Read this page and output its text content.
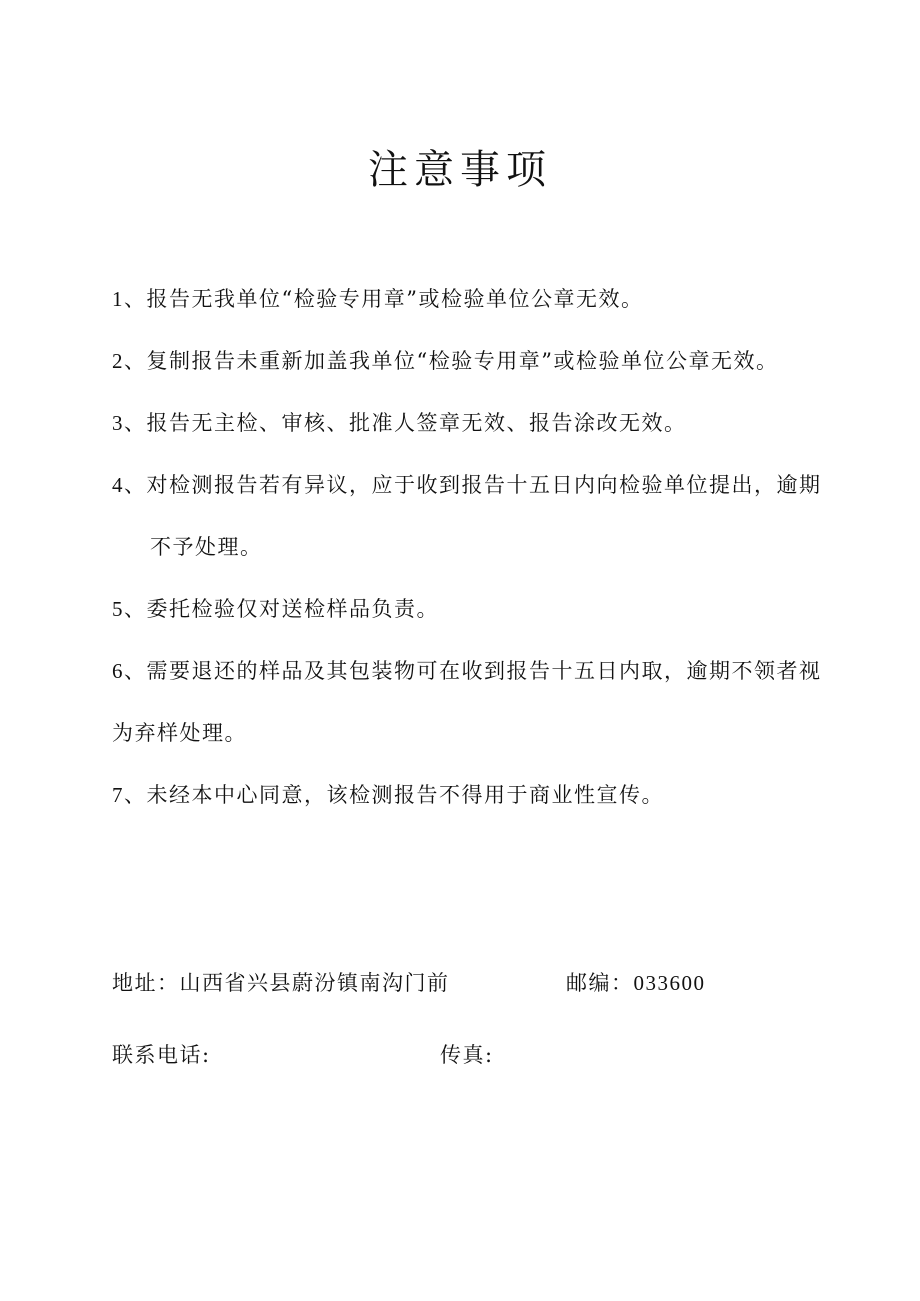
注意事项
1、报告无我单位“检验专用章”或检验单位公章无效。
2、复制报告未重新加盖我单位“检验专用章”或检验单位公章无效。
3、报告无主检、审核、批准人签章无效、报告涂改无效。
4、对检测报告若有异议，应于收到报告十五日内向检验单位提出，逾期
不予处理。
5、委托检验仅对送检样品负责。
6、需要退还的样品及其包装物可在收到报告十五日内取，逾期不领者视
为弃样处理。
7、未经本中心同意，该检测报告不得用于商业性宣传。
地址：山西省兴县蔚汾镇南沟门前	邮编：033600
联系电话:	传真:
